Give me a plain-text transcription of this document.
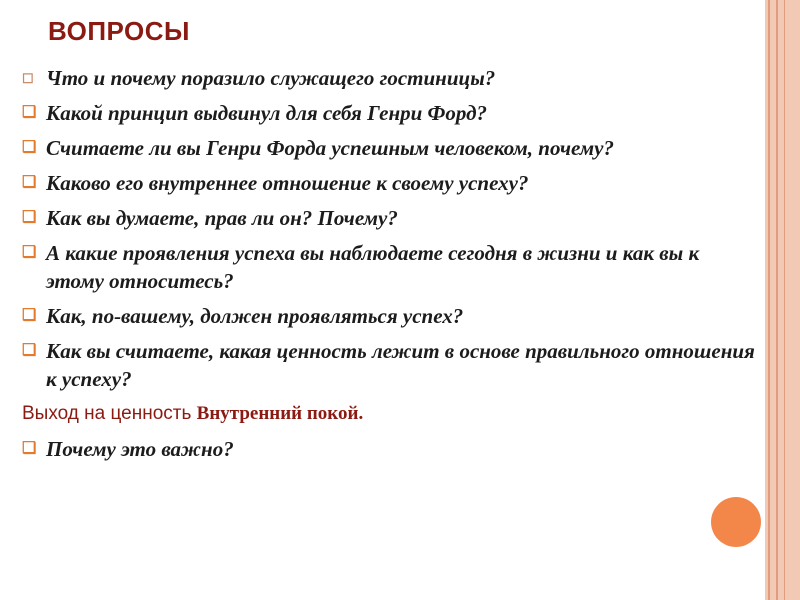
ВОПРОСЫ
☐ Что и почему поразило служащего гостиницы?
❑ Какой принцип выдвинул для себя Генри Форд?
❑ Считаете ли вы Генри Форда успешным человеком, почему?
❑ Каково его внутреннее отношение к своему успеху?
❑ Как вы думаете, прав ли он? Почему?
❑ А какие проявления успеха вы наблюдаете сегодня в жизни и как вы к этому относитесь?
❑ Как, по-вашему, должен проявляться успех?
❑ Как вы считаете, какая ценность лежит в основе правильного отношения к успеху?
Выход на ценность Внутренний покой.
❑ Почему это важно?
